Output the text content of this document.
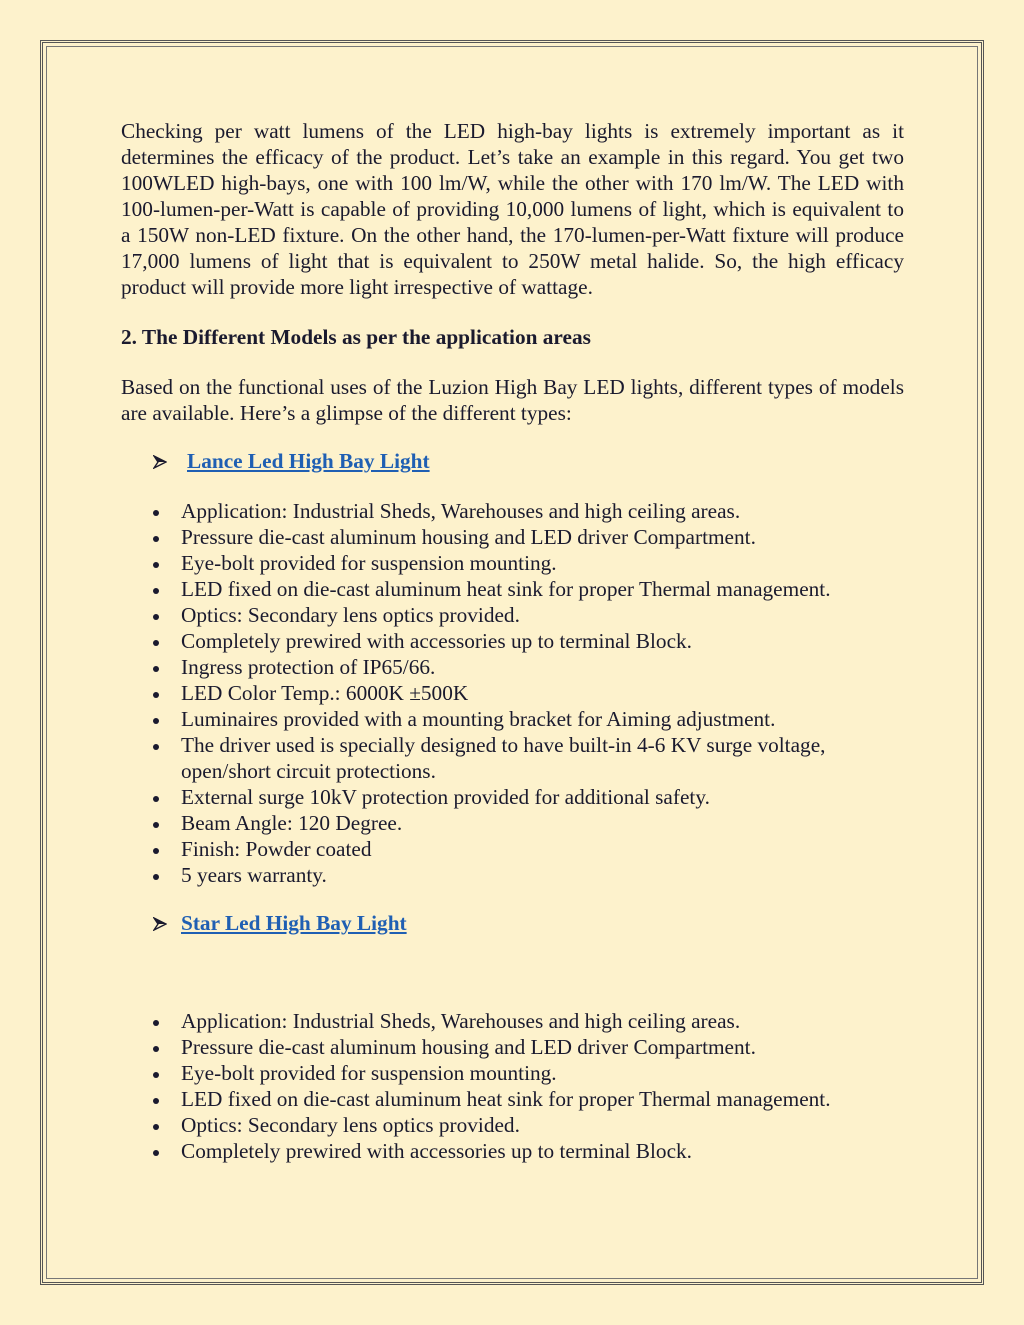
Checking per watt lumens of the LED high-bay lights is extremely important as it determines the efficacy of the product. Let’s take an example in this regard. You get two 100WLED high-bays, one with 100 lm/W, while the other with 170 lm/W. The LED with 100-lumen-per-Watt is capable of providing 10,000 lumens of light, which is equivalent to a 150W non-LED fixture. On the other hand, the 170-lumen-per-Watt fixture will produce 17,000 lumens of light that is equivalent to 250W metal halide. So, the high efficacy product will provide more light irrespective of wattage.

2. The Different Models as per the application areas

Based on the functional uses of the Luzion High Bay LED lights, different types of models are available. Here’s a glimpse of the different types:

Lance Led High Bay Light
Application: Industrial Sheds, Warehouses and high ceiling areas.
Pressure die-cast aluminum housing and LED driver Compartment.
Eye-bolt provided for suspension mounting.
LED fixed on die-cast aluminum heat sink for proper Thermal management.
Optics: Secondary lens optics provided.
Completely prewired with accessories up to terminal Block.
Ingress protection of IP65/66.
LED Color Temp.: 6000K ±500K
Luminaires provided with a mounting bracket for Aiming adjustment.
The driver used is specially designed to have built-in 4-6 KV surge voltage, open/short circuit protections.
External surge 10kV protection provided for additional safety.
Beam Angle: 120 Degree.
Finish: Powder coated
5 years warranty.
Star Led High Bay Light
Application: Industrial Sheds, Warehouses and high ceiling areas.
Pressure die-cast aluminum housing and LED driver Compartment.
Eye-bolt provided for suspension mounting.
LED fixed on die-cast aluminum heat sink for proper Thermal management.
Optics: Secondary lens optics provided.
Completely prewired with accessories up to terminal Block.
